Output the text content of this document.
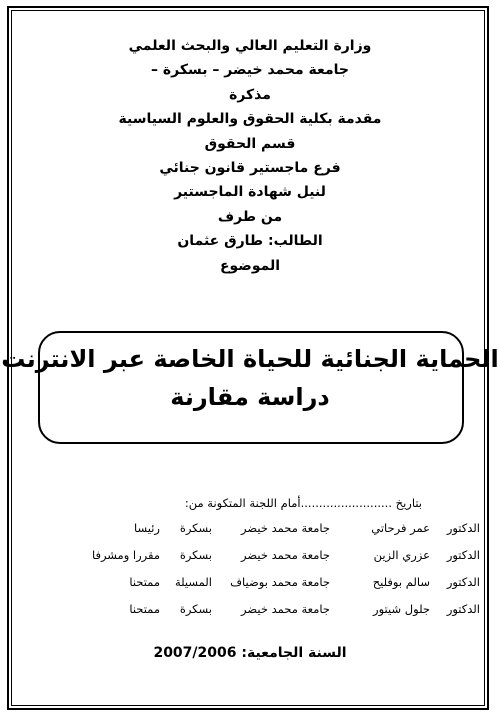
وزارة التعليم العالي والبحث العلمي
جامعة محمد خيضر – بسكرة –
مذكرة
مقدمة بكلية الحقوق والعلوم السياسية
قسم الحقوق
فرع ماجستير قانون جنائي
لنيل شهادة الماجستير
من طرف
الطالب: طارق عثمان
الموضوع
الحماية الجنائية للحياة الخاصة عبر الانترنت
دراسة مقارنة
بتاريخ .........................أمام اللجنة المتكونة من:
الدكتور
عمر فرحاتي
جامعة محمد خيضر
بسكرة
رئيسا
الدكتور
عزري الزين
جامعة محمد خيضر
بسكرة
مقررا ومشرفا
الدكتور
سالم بوفليح
جامعة محمد بوضياف
المسيلة
ممتحنا
الدكتور
جلول شيتور
جامعة محمد خيضر
بسكرة
ممتحنا
السنة الجامعية: 2007/2006
